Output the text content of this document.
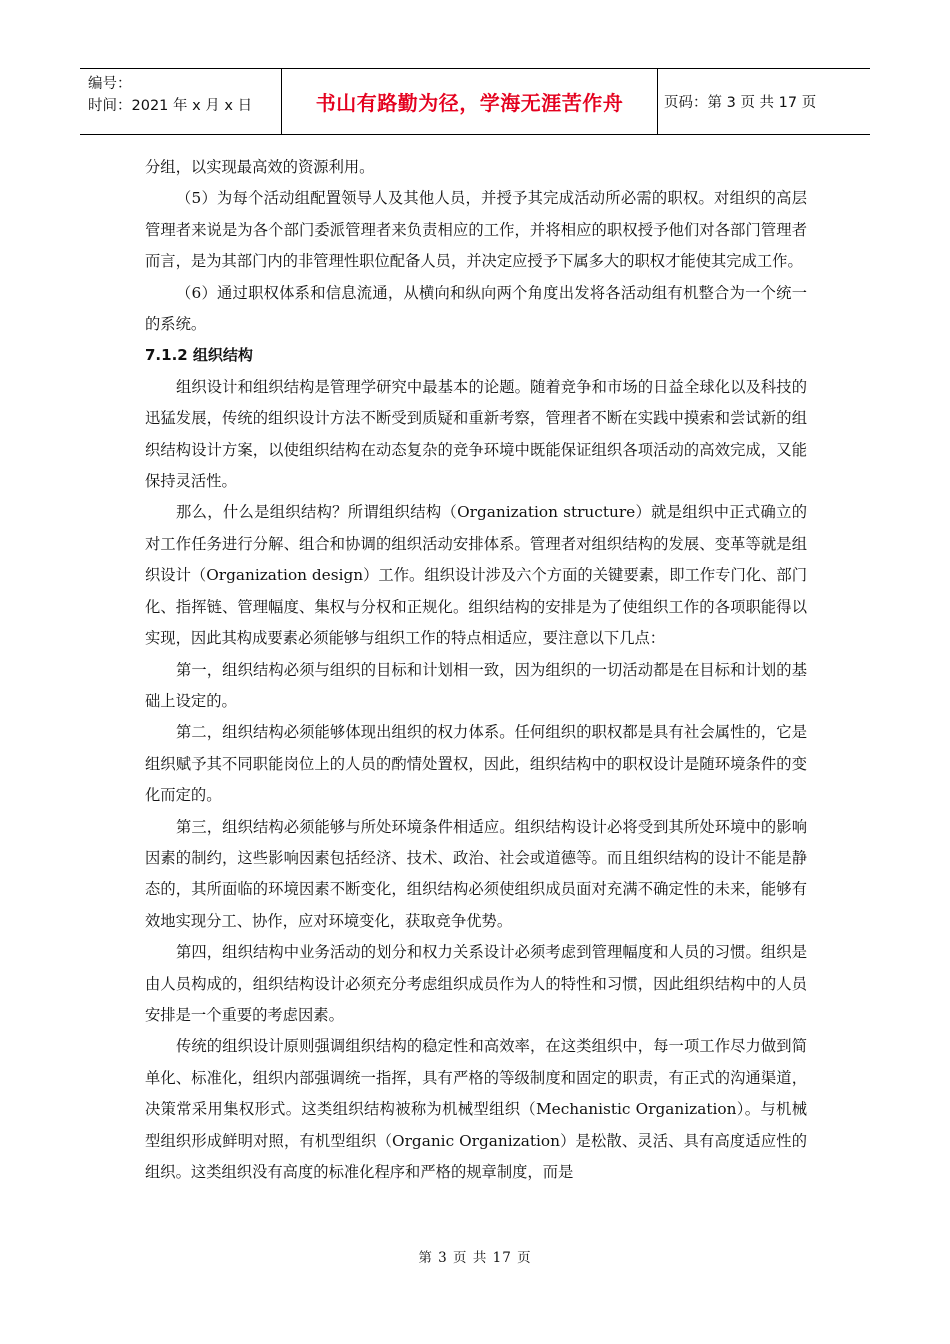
编号：
时间：2021 年 x 月 x 日	书山有路勤为径，学海无涯苦作舟	页码：第 3 页 共 17 页

分组，以实现最高效的资源利用。

（5）为每个活动组配置领导人及其他人员，并授予其完成活动所必需的职权。对组织的高层管理者来说是为各个部门委派管理者来负责相应的工作，并将相应的职权授予他们对各部门管理者而言，是为其部门内的非管理性职位配备人员，并决定应授予下属多大的职权才能使其完成工作。

（6）通过职权体系和信息流通，从横向和纵向两个角度出发将各活动组有机整合为一个统一的系统。

7.1.2 组织结构

组织设计和组织结构是管理学研究中最基本的论题。随着竞争和市场的日益全球化以及科技的迅猛发展，传统的组织设计方法不断受到质疑和重新考察，管理者不断在实践中摸索和尝试新的组织结构设计方案，以使组织结构在动态复杂的竞争环境中既能保证组织各项活动的高效完成，又能保持灵活性。

那么，什么是组织结构？所谓组织结构（Organization structure）就是组织中正式确立的对工作任务进行分解、组合和协调的组织活动安排体系。管理者对组织结构的发展、变革等就是组织设计（Organization design）工作。组织设计涉及六个方面的关键要素，即工作专门化、部门化、指挥链、管理幅度、集权与分权和正规化。组织结构的安排是为了使组织工作的各项职能得以实现，因此其构成要素必须能够与组织工作的特点相适应，要注意以下几点：

第一，组织结构必须与组织的目标和计划相一致，因为组织的一切活动都是在目标和计划的基础上设定的。

第二，组织结构必须能够体现出组织的权力体系。任何组织的职权都是具有社会属性的，它是组织赋予其不同职能岗位上的人员的酌情处置权，因此，组织结构中的职权设计是随环境条件的变化而定的。

第三，组织结构必须能够与所处环境条件相适应。组织结构设计必将受到其所处环境中的影响因素的制约，这些影响因素包括经济、技术、政治、社会或道德等。而且组织结构的设计不能是静态的，其所面临的环境因素不断变化，组织结构必须使组织成员面对充满不确定性的未来，能够有效地实现分工、协作，应对环境变化，获取竞争优势。

第四，组织结构中业务活动的划分和权力关系设计必须考虑到管理幅度和人员的习惯。组织是由人员构成的，组织结构设计必须充分考虑组织成员作为人的特性和习惯，因此组织结构中的人员安排是一个重要的考虑因素。

传统的组织设计原则强调组织结构的稳定性和高效率，在这类组织中，每一项工作尽力做到简单化、标准化，组织内部强调统一指挥，具有严格的等级制度和固定的职责，有正式的沟通渠道，决策常采用集权形式。这类组织结构被称为机械型组织（Mechanistic Organization）。与机械型组织形成鲜明对照，有机型组织（Organic Organization）是松散、灵活、具有高度适应性的组织。这类组织没有高度的标准化程序和严格的规章制度，而是

第 3 页 共 17 页
